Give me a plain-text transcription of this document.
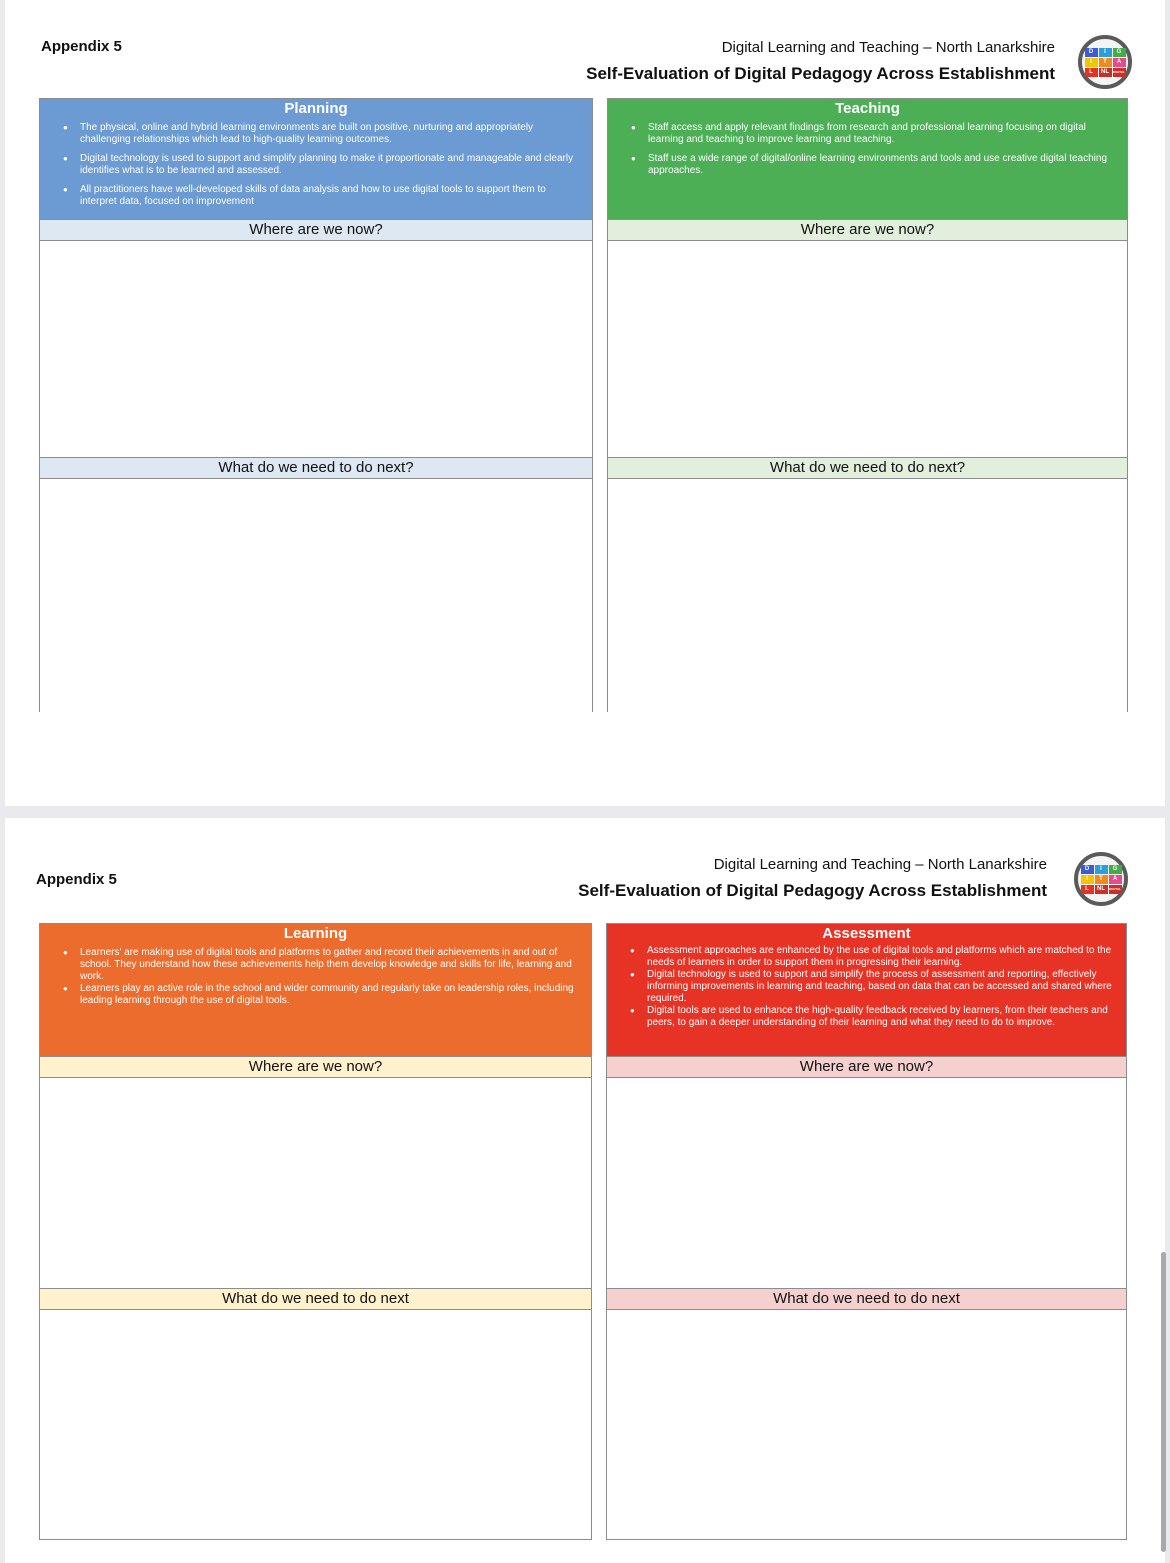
Appendix 5	Digital Learning and Teaching – North Lanarkshire
Self-Evaluation of Digital Pedagogy Across Establishment
D	I	G
I	T	A
L	NL	DIGITAL
Planning
● The physical, online and hybrid learning environments are built on positive, nurturing and appropriately challenging relationships which lead to high-quality learning outcomes.
● Digital technology is used to support and simplify planning to make it proportionate and manageable and clearly identifies what is to be learned and assessed.
● All practitioners have well-developed skills of data analysis and how to use digital tools to support them to interpret data, focused on improvement
Where are we now?
What do we need to do next?
Teaching
● Staff access and apply relevant findings from research and professional learning focusing on digital learning and teaching to improve learning and teaching.
● Staff use a wide range of digital/online learning environments and tools and use creative digital teaching approaches.
Where are we now?
What do we need to do next?
Appendix 5
Digital Learning and Teaching – North Lanarkshire
Self-Evaluation of Digital Pedagogy Across Establishment
D	I	G
I	T	A
L	NL	DIGITAL
Learning
● Learners' are making use of digital tools and platforms to gather and record their achievements in and out of school. They understand how these achievements help them develop knowledge and skills for life, learning and work.
● Learners play an active role in the school and wider community and regularly take on leadership roles, including leading learning through the use of digital tools.
Where are we now?
What do we need to do next
Assessment
● Assessment approaches are enhanced by the use of digital tools and platforms which are matched to the needs of learners in order to support them in progressing their learning.
● Digital technology is used to support and simplify the process of assessment and reporting, effectively informing improvements in learning and teaching, based on data that can be accessed and shared where required.
● Digital tools are used to enhance the high-quality feedback received by learners, from their teachers and peers, to gain a deeper understanding of their learning and what they need to do to improve.
Where are we now?
What do we need to do next
